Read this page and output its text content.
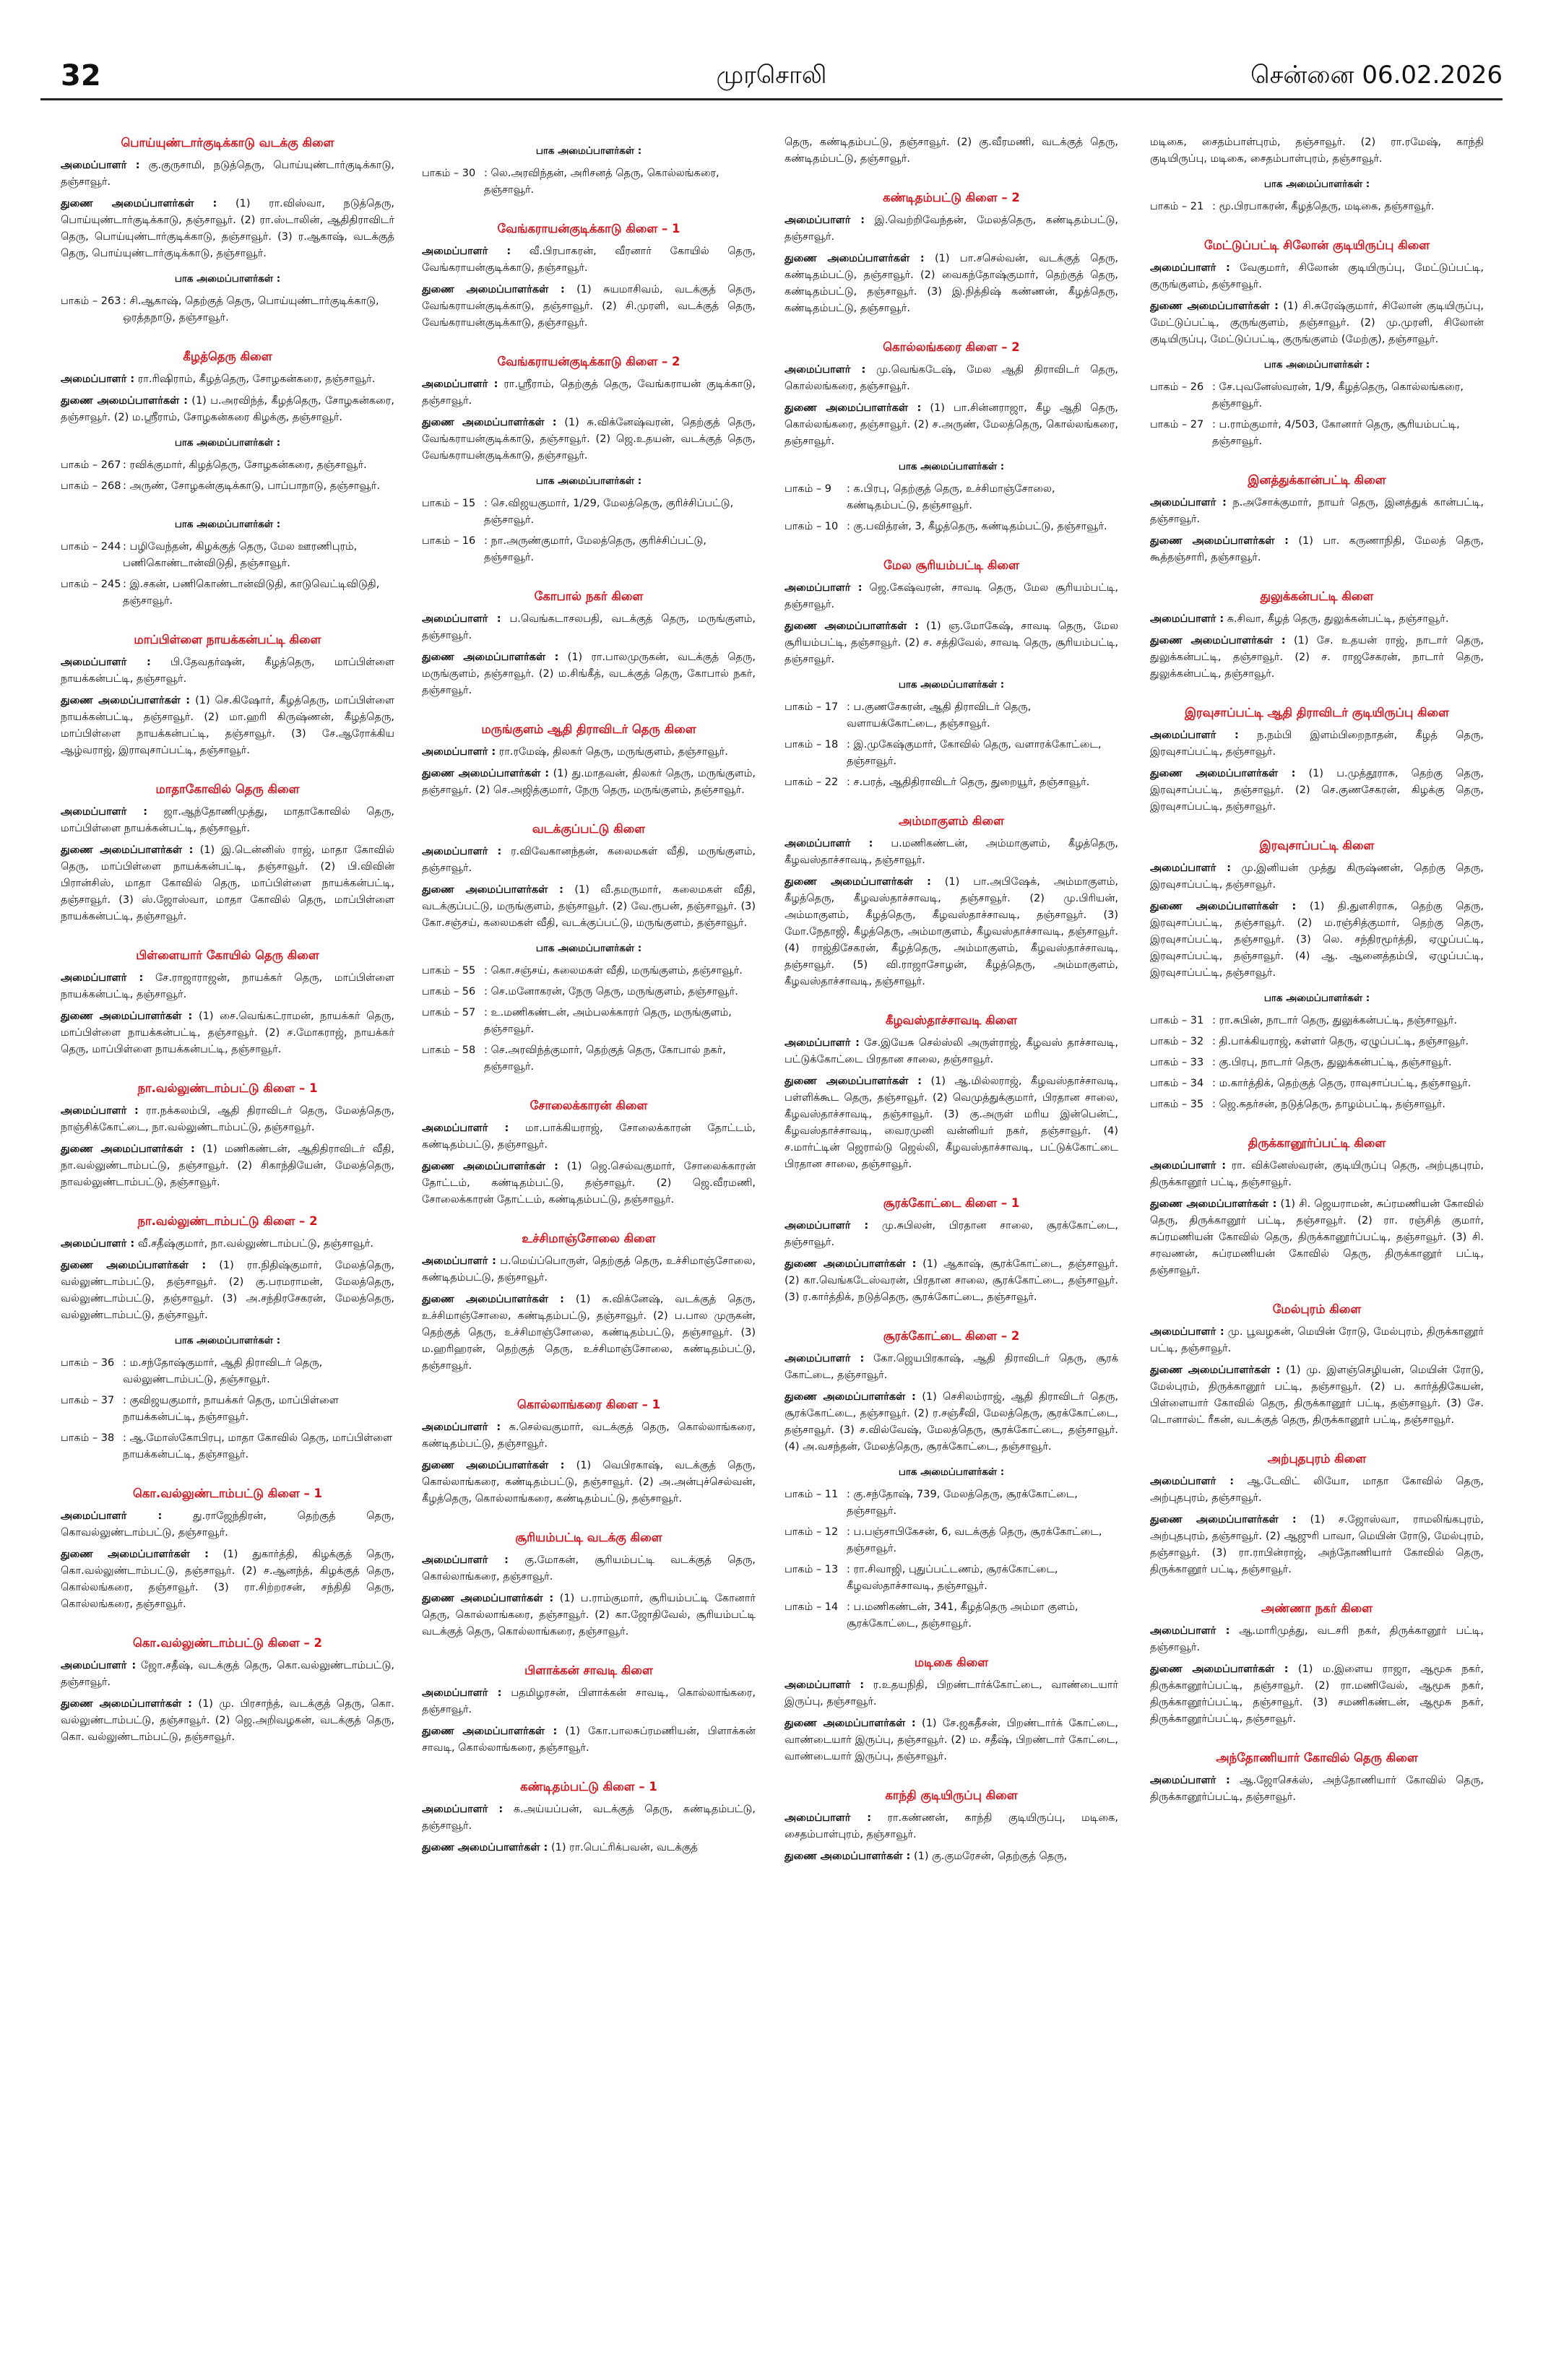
32	முரசொலி	சென்னை 06.02.2026
பொய்யுண்டார்குடிக்காடு வடக்கு கிளை
அமைப்பாளர் : கு.குருசாமி, நடுத்தெரு, பொய்யுண்டார்குடிக்காடு, தஞ்சாவூர்.
துணை அமைப்பாளர்கள் : (1) ரா.விஸ்வா, நடுத்தெரு, பொய்யுண்டார்குடிக்காடு, தஞ்சாவூர். (2) ரா.ஸ்டாலின், ஆதிதிராவிடர் தெரு, பொய்யுண்டார்குடிக்காடு, தஞ்சாவூர். (3) ர.ஆகாஷ், வடக்குத் தெரு, பொய்யுண்டார்குடிக்காடு, தஞ்சாவூர்.
பாக அமைப்பாளர்கள் :
பாகம் – 263 : சி.ஆகாஷ், தெற்குத் தெரு, பொய்யுண்டார்குடிக்காடு, ஒரத்தநாடு, தஞ்சாவூர்.
கீழத்தெரு கிளை
அமைப்பாளர் : ரா.ரிஷிராம், கீழத்தெரு, சோழகன்கரை, தஞ்சாவூர்.
துணை அமைப்பாளர்கள் : (1) ப.அரவிந்த், கீழத்தெரு, சோழகன்கரை, தஞ்சாவூர். (2) ம.ஸ்ரீராம், சோழகன்கரை கிழக்கு, தஞ்சாவூர்.
பாக அமைப்பாளர்கள் :
பாகம் – 267 : ரவிக்குமார், கிழத்தெரு, சோழகன்கரை, தஞ்சாவூர்.
பாகம் – 268 : அருண், சோழகன்குடிக்காடு, பாப்பாநாடு, தஞ்சாவூர்.
பாக அமைப்பாளர்கள் :
பாகம் – 244 : பழிவேந்தன், கிழக்குத் தெரு, மேல ஊரணிபுரம், பணிகொண்டான்விடுதி, தஞ்சாவூர்.
பாகம் – 245 : இ.சகன், பணிகொண்டான்விடுதி, காடுவெட்டிவிடுதி, தஞ்சாவூர்.
மாப்பிள்ளை நாயக்கன்பட்டி கிளை
அமைப்பாளர் : பி.தேவதர்ஷன், கீழத்தெரு, மாப்பிள்ளை நாயக்கன்பட்டி, தஞ்சாவூர்.
துணை அமைப்பாளர்கள் : (1) செ.கிஷோர், கீழத்தெரு, மாப்பிள்ளை நாயக்கன்பட்டி, தஞ்சாவூர். (2) மா.ஹரி கிருஷ்ணன், கீழத்தெரு, மாப்பிள்ளை நாயக்கன்பட்டி, தஞ்சாவூர். (3) சே.ஆரோக்கிய ஆழ்வராஜ், இராவுசாப்பட்டி, தஞ்சாவூர்.
மாதாகோவில் தெரு கிளை
அமைப்பாளர் : ஜா.ஆந்தோணிமுத்து, மாதாகோவில் தெரு, மாப்பிள்ளை நாயக்கன்பட்டி, தஞ்சாவூர்.
துணை அமைப்பாளர்கள் : (1) இ.டென்னிஸ் ராஜ், மாதா கோவில் தெரு, மாப்பிள்ளை நாயக்கன்பட்டி, தஞ்சாவூர். (2) பி.விவின் பிரான்சிஸ், மாதா கோவில் தெரு, மாப்பிள்ளை நாயக்கன்பட்டி, தஞ்சாவூர். (3) ஸ்.ஜோஸ்வா, மாதா கோவில் தெரு, மாப்பிள்ளை நாயக்கன்பட்டி, தஞ்சாவூர்.
பிள்ளையார் கோயில் தெரு கிளை
அமைப்பாளர் : சே.ராஜாராஜன், நாயக்கர் தெரு, மாப்பிள்ளை நாயக்கன்பட்டி, தஞ்சாவூர்.
துணை அமைப்பாளர்கள் : (1) சை.வெங்கட்ராமன், நாயக்கர் தெரு, மாப்பிள்ளை நாயக்கன்பட்டி, தஞ்சாவூர். (2) ச.மோகராஜ், நாயக்கர் தெரு, மாப்பிள்ளை நாயக்கன்பட்டி, தஞ்சாவூர்.
நா.வல்லுண்டாம்பட்டு கிளை – 1
அமைப்பாளர் : ரா.நக்கலம்பி, ஆதி திராவிடர் தெரு, மேலத்தெரு, நாஞ்சிக்கோட்டை, நா.வல்லுண்டாம்பட்டு, தஞ்சாவூர்.
துணை அமைப்பாளர்கள் : (1) மணிகண்டன், ஆதிதிராவிடர் வீதி, நா.வல்லுண்டாம்பட்டு, தஞ்சாவூர். (2) சிகாந்தியேன், மேலத்தெரு, நாவல்லுண்டாம்பட்டு, தஞ்சாவூர்.
நா.வல்லுண்டாம்பட்டு கிளை – 2
அமைப்பாளர் : வீ.சதீஷ்குமார், நா.வல்லுண்டாம்பட்டு, தஞ்சாவூர்.
துணை அமைப்பாளர்கள் : (1) ரா.நிதிஷ்குமார், மேலத்தெரு, வல்லுண்டாம்பட்டு, தஞ்சாவூர். (2) கு.பரமராமன், மேலத்தெரு, வல்லுண்டாம்பட்டு, தஞ்சாவூர். (3) அ.சந்திரசேகரன், மேலத்தெரு, வல்லுண்டாம்பட்டு, தஞ்சாவூர்.
பாக அமைப்பாளர்கள் :
பாகம் – 36 : ம.சந்தோஷ்குமார், ஆதி திராவிடர் தெரு, வல்லுண்டாம்பட்டு, தஞ்சாவூர்.
பாகம் – 37 : குவிஜயகுமார், நாயக்கர் தெரு, மாப்பிள்ளை நாயக்கன்பட்டி, தஞ்சாவூர்.
பாகம் – 38 : ஆ.மோஸ்கோபிரபு, மாதா கோவில் தெரு, மாப்பிள்ளை நாயக்கன்பட்டி, தஞ்சாவூர்.
கொ.வல்லுண்டாம்பட்டு கிளை – 1
அமைப்பாளர் :	து.ராஜேந்திரன், தெற்குத் தெரு, கொவல்லுண்டாம்பட்டு, தஞ்சாவூர்.
துணை அமைப்பாளர்கள் : (1) துகார்த்தி, கிழக்குத் தெரு, கொ.வல்லுண்டாம்பட்டு, தஞ்சாவூர். (2) ச.ஆனந்த், கிழக்குத் தெரு, கொல்லங்கரை, தஞ்சாவூர். (3) ரா.சிற்றரசன், சந்திதி தெரு, கொல்லங்கரை, தஞ்சாவூர்.
கொ.வல்லுண்டாம்பட்டு கிளை – 2
அமைப்பாளர் : ஜோ.சதீஷ், வடக்குத் தெரு, கொ.வல்லுண்டாம்பட்டு, தஞ்சாவூர்.
துணை அமைப்பாளர்கள் : (1) மு. பிரசாந்த், வடக்குத் தெரு, கொ. வல்லுண்டாம்பட்டு, தஞ்சாவூர். (2) ஜெ.அறிவழகன், வடக்குத் தெரு, கொ. வல்லுண்டாம்பட்டு, தஞ்சாவூர்.
பாக அமைப்பாளர்கள் :
பாகம் – 30 : லெ.அரவிந்தன், அரிசனத் தெரு, கொல்லங்கரை, தஞ்சாவூர்.
வேங்கராயன்குடிக்காடு கிளை – 1
அமைப்பாளர் : வீ.பிரபாகரன், வீரனார் கோயில் தெரு, வேங்கராயன்குடிக்காடு, தஞ்சாவூர்.
துணை அமைப்பாளர்கள் : (1) சுயமாசிவம், வடக்குத் தெரு, வேங்கராயன்குடிக்காடு, தஞ்சாவூர். (2) சி.முரளி, வடக்குத் தெரு, வேங்கராயன்குடிக்காடு, தஞ்சாவூர்.
வேங்கராயன்குடிக்காடு கிளை – 2
அமைப்பாளர் : ரா.ஸ்ரீராம், தெற்குத் தெரு, வேங்கராயன் குடிக்காடு, தஞ்சாவூர்.
துணை அமைப்பாளர்கள் : (1) சு.விக்னேஷ்வரன், தெற்குத் தெரு, வேங்கராயன்குடிக்காடு, தஞ்சாவூர். (2) ஜெ.உதயன், வடக்குத் தெரு, வேங்கராயன்குடிக்காடு, தஞ்சாவூர்.
பாக அமைப்பாளர்கள் :
பாகம் – 15 : செ.விஜயகுமார், 1/29, மேலத்தெரு, குரிச்சிப்பட்டு, தஞ்சாவூர்.
பாகம் – 16 : நா.அருண்குமார், மேலத்தெரு, குரிச்சிப்பட்டு, தஞ்சாவூர்.
கோபால் நகர் கிளை
அமைப்பாளர் : ப.வெங்கடாசலபதி, வடக்குத் தெரு, மருங்குளம், தஞ்சாவூர்.
துணை அமைப்பாளர்கள் : (1) ரா.பாலமுருகன், வடக்குத் தெரு, மருங்குளம், தஞ்சாவூர். (2) ம.சிங்கீத், வடக்குத் தெரு, கோபால் நகர், தஞ்சாவூர்.
மருங்குளம் ஆதி திராவிடர் தெரு கிளை
அமைப்பாளர் : ரா.ரமேஷ், திலகர் தெரு, மருங்குளம், தஞ்சாவூர்.
துணை அமைப்பாளர்கள் : (1) து.மாதவன், திலகர் தெரு, மருங்குளம், தஞ்சாவூர். (2) செ.அஜித்குமார், நேரு தெரு, மருங்குளம், தஞ்சாவூர்.
வடக்குப்பட்டு கிளை
அமைப்பாளர் : ர.விவேகானந்தன், கலைமகள் வீதி, மருங்குளம், தஞ்சாவூர்.
துணை அமைப்பாளர்கள் : (1) வீ.தமருமார், கலைமகள் வீதி, வடக்குப்பட்டு, மருங்குளம், தஞ்சாவூர். (2) வே.ரூபன், தஞ்சாவூர். (3) கோ.சஞ்சய், கலைமகள் வீதி, வடக்குப்பட்டு, மருங்குளம், தஞ்சாவூர்.
பாக அமைப்பாளர்கள் :
பாகம் – 55 : கொ.சஞ்சய், கலைமகள் வீதி, மருங்குளம், தஞ்சாவூர்.
பாகம் – 56 : செ.மனோகரன், நேரு தெரு, மருங்குளம், தஞ்சாவூர்.
பாகம் – 57 : உ.மணிகண்டன், அம்பலக்காரர் தெரு, மருங்குளம், தஞ்சாவூர்.
பாகம் – 58 : செ.அரவிந்த்குமார், தெற்குத் தெரு, கோபால் நகர், தஞ்சாவூர்.
சோலைக்காரன் கிளை
அமைப்பாளர் : மா.பாக்கியராஜ், சோலைக்காரன் தோட்டம், கண்டிதம்பட்டு, தஞ்சாவூர்.
துணை அமைப்பாளர்கள் : (1) ஜெ.செல்வகுமார், சோலைக்காரன் தோட்டம், கண்டிதம்பட்டு, தஞ்சாவூர். (2) ஜெ.வீரமணி, சோலைக்காரன் தோட்டம், கண்டிதம்பட்டு, தஞ்சாவூர்.
உச்சிமாஞ்சோலை கிளை
அமைப்பாளர் : ப.மெய்ப்பொருள், தெற்குத் தெரு, உச்சிமாஞ்சோலை, கண்டிதம்பட்டு, தஞ்சாவூர்.
துணை அமைப்பாளர்கள் : (1) சு.விக்னேஷ், வடக்குத் தெரு, உச்சிமாஞ்சோலை, கண்டிதம்பட்டு, தஞ்சாவூர். (2) ப.பால முருகன், தெற்குத் தெரு, உச்சிமாஞ்சோலை, கண்டிதம்பட்டு, தஞ்சாவூர். (3) ம.ஹரிஹரன், தெற்குத் தெரு, உச்சிமாஞ்சோலை, கண்டிதம்பட்டு, தஞ்சாவூர்.
கொல்லாங்கரை கிளை – 1
அமைப்பாளர் : க.செல்வகுமார், வடக்குத் தெரு, கொல்லாங்கரை, கண்டிதம்பட்டு, தஞ்சாவூர்.
துணை அமைப்பாளர்கள் : (1) வெபிரகாஷ், வடக்குத் தெரு, கொல்லாங்கரை, கண்டிதம்பட்டு, தஞ்சாவூர். (2) அ.அன்புச்செல்வன், கீழத்தெரு, கொல்லாங்கரை, கண்டிதம்பட்டு, தஞ்சாவூர்.
சூரியம்பட்டி வடக்கு கிளை
அமைப்பாளர் : கு.மோகன், சூரியம்பட்டி வடக்குத் தெரு, கொல்லாங்கரை, தஞ்சாவூர்.
துணை அமைப்பாளர்கள் : (1) ப.ராம்குமார், சூரியம்பட்டி கோனார் தெரு, கொல்லாங்கரை, தஞ்சாவூர். (2) கா.ஜோதிவேல், சூரியம்பட்டி வடக்குத் தெரு, கொல்லாங்கரை, தஞ்சாவூர்.
பிளாக்கன் சாவடி கிளை
அமைப்பாளர் : பதமிழரசன், பிளாக்கன் சாவடி, கொல்லாங்கரை, தஞ்சாவூர்.
துணை அமைப்பாளர்கள் : (1) கோ.பாலசுப்ரமணியன், பிளாக்கன் சாவடி, கொல்லாங்கரை, தஞ்சாவூர்.
கண்டிதம்பட்டு கிளை – 1
அமைப்பாளர் : க.அய்யப்பன், வடக்குத் தெரு, கண்டிதம்பட்டு, தஞ்சாவூர்.
துணை அமைப்பாளர்கள் : (1) ரா.பெட்ரிக்பவன், வடக்குத்
தெரு, கண்டிதம்பட்டு, தஞ்சாவூர். (2) கு.வீரமணி, வடக்குத் தெரு, கண்டிதம்பட்டு, தஞ்சாவூர்.
கண்டிதம்பட்டு கிளை – 2
அமைப்பாளர் : இ.வெற்றிவேந்தன், மேலத்தெரு, கண்டிதம்பட்டு, தஞ்சாவூர்.
துணை அமைப்பாளர்கள் : (1) பா.சசெல்வன், வடக்குத் தெரு, கண்டிதம்பட்டு, தஞ்சாவூர். (2) வைகந்தோஷ்குமார், தெற்குத் தெரு, கண்டிதம்பட்டு, தஞ்சாவூர். (3) இ.நித்திஷ் கண்ணன், கீழத்தெரு, கண்டிதம்பட்டு, தஞ்சாவூர்.
கொல்லங்கரை கிளை – 2
அமைப்பாளர் : மு.வெங்கடேஷ், மேல ஆதி திராவிடர் தெரு, கொல்லங்கரை, தஞ்சாவூர்.
துணை அமைப்பாளர்கள் : (1) பா.சின்னராஜா, கீழ ஆதி தெரு, கொல்லங்கரை, தஞ்சாவூர். (2) ச.அருண், மேலத்தெரு, கொல்லங்கரை, தஞ்சாவூர்.
பாக அமைப்பாளர்கள் :
பாகம் – 9	: க.பிரபு, தெற்குத் தெரு, உச்சிமாஞ்சோலை, கண்டிதம்பட்டு, தஞ்சாவூர்.
பாகம் – 10 : கு.பவித்ரன், 3, கீழத்தெரு, கண்டிதம்பட்டு, தஞ்சாவூர்.
மேல சூரியம்பட்டி கிளை
அமைப்பாளர் : ஜெ.கேஷ்வரன், சாவடி தெரு, மேல சூரியம்பட்டி, தஞ்சாவூர்.
துணை அமைப்பாளர்கள் : (1) ஞ.மோகேஷ், சாவடி தெரு, மேல சூரியம்பட்டி, தஞ்சாவூர். (2) ச. சத்திவேல், சாவடி தெரு, சூரியம்பட்டி, தஞ்சாவூர்.
பாக அமைப்பாளர்கள் :
பாகம் – 17 : ப.குணசேகரன், ஆதி திராவிடர் தெரு, வளாயக்கோட்டை, தஞ்சாவூர்.
பாகம் – 18 : இ.முகேஷ்குமார், கோவில் தெரு, வளாரக்கோட்டை, தஞ்சாவூர்.
பாகம் – 22 : ச.பரத், ஆதிதிராவிடர் தெரு, துறையூர், தஞ்சாவூர்.
அம்மாகுளம் கிளை
அமைப்பாளர் : ப.மணிகண்டன், அம்மாகுளம், கீழத்தெரு, கீழவஸ்தாச்சாவடி, தஞ்சாவூர்.
துணை அமைப்பாளர்கள் : (1) பா.அபிஷேக், அம்மாகுளம், கீழத்தெரு, கீழவஸ்தாச்சாவடி, தஞ்சாவூர். (2) மு.பிரியன், அம்மாகுளம், கீழத்தெரு, கீழவஸ்தாச்சாவடி, தஞ்சாவூர். (3) மோ.நேதாஜி, கீழத்தெரு, அம்மாகுளம், கீழவஸ்தாச்சாவடி, தஞ்சாவூர். (4) ராஜ்திசேகரன், கீழத்தெரு, அம்மாகுளம், கீழவஸ்தாச்சாவடி, தஞ்சாவூர். (5) வி.ராஜாசோழன், கீழத்தெரு, அம்மாகுளம், கீழவஸ்தாச்சாவடி, தஞ்சாவூர்.
கீழவஸ்தாச்சாவடி கிளை
அமைப்பாளர் : சே.இயேசு செல்ஸ்லி அருள்ராஜ், கீழவஸ் தாச்சாவடி, பட்டுக்கோட்டை பிரதான சாலை, தஞ்சாவூர்.
துணை அமைப்பாளர்கள் : (1) ஆ.மில்லராஜ், கீழவஸ்தாச்சாவடி, பள்ளிக்கூட தெரு, தஞ்சாவூர். (2) வெமுத்துக்குமார், பிரதான சாலை, கீழவஸ்தாச்சாவடி, தஞ்சாவூர். (3) கு.அருள் மரிய இன்பென்ட், கீழவஸ்தாச்சாவடி, வைரமுனி வன்னியர் நகர், தஞ்சாவூர். (4) ச.மார்ட்டின் ஜெரால்டு ஜெல்லி, கீழவஸ்தாச்சாவடி, பட்டுக்கோட்டை பிரதான சாலை, தஞ்சாவூர்.
சூரக்கோட்டை கிளை – 1
அமைப்பாளர் : மு.சுபிலன், பிரதான சாலை, சூரக்கோட்டை, தஞ்சாவூர்.
துணை அமைப்பாளர்கள் : (1) ஆகாஷ், சூரக்கோட்டை, தஞ்சாவூர். (2) கா.வெங்கடேஸ்வரன், பிரதான சாலை, சூரக்கோட்டை, தஞ்சாவூர். (3) ர.கார்த்திக், நடுத்தெரு, சூரக்கோட்டை, தஞ்சாவூர்.
சூரக்கோட்டை கிளை – 2
அமைப்பாளர் : கோ.ஜெயபிரகாஷ், ஆதி திராவிடர் தெரு, சூரக் கோட்டை, தஞ்சாவூர்.
துணை அமைப்பாளர்கள் : (1) செசிலம்ராஜ், ஆதி திராவிடர் தெரு, சூரக்கோட்டை, தஞ்சாவூர். (2) ர.சஞ்சீவி, மேலத்தெரு, சூரக்கோட்டை, தஞ்சாவூர். (3) ச.வில்வேஷ், மேலத்தெரு, சூரக்கோட்டை, தஞ்சாவூர். (4) அ.வசந்தன், மேலத்தெரு, சூரக்கோட்டை, தஞ்சாவூர்.
பாக அமைப்பாளர்கள் :
பாகம் – 11 : கு.சந்தோஷ், 739, மேலத்தெரு, சூரக்கோட்டை, தஞ்சாவூர்.
பாகம் – 12 : ப.பஞ்சாபிகேசன், 6, வடக்குத் தெரு, சூரக்கோட்டை, தஞ்சாவூர்.
பாகம் – 13 : ரா.சிவாஜி, புதுப்பட்டணம், சூரக்கோட்டை, கீழவஸ்தாச்சாவடி, தஞ்சாவூர்.
பாகம் – 14 : ப.மணிகண்டன், 341, கீழத்தெரு அம்மா குளம், சூரக்கோட்டை, தஞ்சாவூர்.
மடிகை கிளை
அமைப்பாளர் : ர.உதயநிதி, பிறண்டார்க்கோட்டை, வாண்டையார் இருப்பு, தஞ்சாவூர்.
துணை அமைப்பாளர்கள் : (1) சே.ஜகதீசன், பிறண்டார்க் கோட்டை, வாண்டையார் இருப்பு, தஞ்சாவூர். (2) ம. சதீஷ், பிறண்டார் கோட்டை, வாண்டையார் இருப்பு, தஞ்சாவூர்.
காந்தி குடியிருப்பு கிளை
அமைப்பாளர் : ரா.கண்ணன், காந்தி குடியிருப்பு, மடிகை, சைதம்பாள்புரம், தஞ்சாவூர்.
துணை அமைப்பாளர்கள் : (1) கு.குமரேசன், தெற்குத் தெரு,
மடிகை, சைதம்பாள்புரம், தஞ்சாவூர். (2) ரா.ரமேஷ், காந்தி குடியிருப்பு, மடிகை, சைதம்பாள்புரம், தஞ்சாவூர்.
பாக அமைப்பாளர்கள் :
பாகம் – 21 : மூ.பிரபாகரன், கீழத்தெரு, மடிகை, தஞ்சாவூர்.
மேட்டுப்பட்டி சிலோன் குடியிருப்பு கிளை
அமைப்பாளர் : வேகுமார், சிலோன் குடியிருப்பு, மேட்டுப்பட்டி, குருங்குளம், தஞ்சாவூர்.
துணை அமைப்பாளர்கள் : (1) சி.சுரேஷ்குமார், சிலோன் குடியிருப்பு, மேட்டுப்பட்டி, குருங்குளம், தஞ்சாவூர். (2) மு.முரளி, சிலோன் குடியிருப்பு, மேட்டுப்பட்டி, குருங்குளம் (மேற்கு), தஞ்சாவூர்.
பாக அமைப்பாளர்கள் :
பாகம் – 26 : சே.புவனேஸ்வரன், 1/9, கீழத்தெரு, கொல்லங்கரை, தஞ்சாவூர்.
பாகம் – 27 : ப.ராம்குமார், 4/503, கோனார் தெரு, சூரியம்பட்டி, தஞ்சாவூர்.
இனத்துக்கான்பட்டி கிளை
அமைப்பாளர் : ந.அசோக்குமார், நாயர் தெரு, இனத்துக் கான்பட்டி, தஞ்சாவூர்.
துணை அமைப்பாளர்கள் : (1) பா. கருணாநிதி, மேலத் தெரு, கூத்தஞ்சாரி, தஞ்சாவூர்.
துலுக்கன்பட்டி கிளை
அமைப்பாளர் : க.சிவா, கீழத் தெரு, துலுக்கன்பட்டி, தஞ்சாவூர்.
துணை அமைப்பாளர்கள் : (1) சே. உதயன் ராஜ், நாடார் தெரு, துலுக்கன்பட்டி, தஞ்சாவூர். (2) ச. ராஜசேகரன், நாடார் தெரு, துலுக்கன்பட்டி, தஞ்சாவூர்.
இரவுசாப்பட்டி ஆதி திராவிடர் குடியிருப்பு கிளை
அமைப்பாளர் : ந.நம்பி இளம்பிறைநாதன், கீழத் தெரு, இரவுசாப்பட்டி, தஞ்சாவூர்.
துணை அமைப்பாளர்கள் : (1) ப.முத்தூராசு, தெற்கு தெரு, இரவுசாப்பட்டி, தஞ்சாவூர். (2) செ.குணசேகரன், கிழக்கு தெரு, இரவுசாப்பட்டி, தஞ்சாவூர்.
இரவுசாப்பட்டி கிளை
அமைப்பாளர் : மு.இனியன் முத்து கிருஷ்ணன், தெற்கு தெரு, இரவுசாப்பட்டி, தஞ்சாவூர்.
துணை அமைப்பாளர்கள் : (1) தி.துளசிராசு, தெற்கு தெரு, இரவுசாப்பட்டி, தஞ்சாவூர். (2) ம.ரஞ்சித்குமார், தெற்கு தெரு, இரவுசாப்பட்டி, தஞ்சாவூர். (3) லெ. சந்திரமூர்த்தி, ஏழுப்பட்டி, இரவுசாப்பட்டி, தஞ்சாவூர். (4) ஆ. ஆனைத்தம்பி, ஏழுப்பட்டி, இரவுசாப்பட்டி, தஞ்சாவூர்.
பாக அமைப்பாளர்கள் :
பாகம் – 31 : ரா.சுபின், நாடார் தெரு, துலுக்கன்பட்டி, தஞ்சாவூர்.
பாகம் – 32 : தி.பாக்கியராஜ், கள்ளர் தெரு, ஏழுப்பட்டி, தஞ்சாவூர்.
பாகம் – 33 : கு.பிரபு, நாடார் தெரு, துலுக்கன்பட்டி, தஞ்சாவூர்.
பாகம் – 34 : ம.கார்த்திக், தெற்குத் தெரு, ராவுசாப்பட்டி, தஞ்சாவூர்.
பாகம் – 35 : ஜெ.சுதர்சன், நடுத்தெரு, தாழம்பட்டி, தஞ்சாவூர்.
திருக்கானூர்ப்பட்டி கிளை
அமைப்பாளர் : ரா. விக்னேஸ்வரன், குடியிருப்பு தெரு, அற்புதபுரம், திருக்கானூர் பட்டி, தஞ்சாவூர்.
துணை அமைப்பாளர்கள் : (1) சி. ஜெயராமன், சுப்ரமணியன் கோவில் தெரு, திருக்கானூர் பட்டி, தஞ்சாவூர். (2) ரா. ரஞ்சித் குமார், சுப்ரமணியன் கோவில் தெரு, திருக்கானூர்ப்பட்டி, தஞ்சாவூர். (3) சி. சரவணன், சுப்ரமணியன் கோவில் தெரு, திருக்கானூர் பட்டி, தஞ்சாவூர்.
மேல்புரம் கிளை
அமைப்பாளர் : மு. பூவழகன், மெயின் ரோடு, மேல்புரம், திருக்கானூர் பட்டி, தஞ்சாவூர்.
துணை அமைப்பாளர்கள் : (1) மு. இளஞ்செழியன், மெயின் ரோடு, மேல்புரம், திருக்கானூர் பட்டி, தஞ்சாவூர். (2) ப. கார்த்திகேயன், பிள்ளையார் கோவில் தெரு, திருக்கானூர் பட்டி, தஞ்சாவூர். (3) சே. டொனால்ட் ரீகன், வடக்குத் தெரு, திருக்கானூர் பட்டி, தஞ்சாவூர்.
அற்புதபுரம் கிளை
அமைப்பாளர் : ஆ.டேவிட் லியோ, மாதா கோவில் தெரு, அற்புதபுரம், தஞ்சாவூர்.
துணை அமைப்பாளர்கள் : (1) ச.ஜோஸ்வா, ராமலிங்கபுரம், அற்புதபுரம், தஞ்சாவூர். (2) ஆஜுரி பாவா, மெயின் ரோடு, மேல்புரம், தஞ்சாவூர். (3) ரா.ராபின்ராஜ், அந்தோணியார் கோவில் தெரு, திருக்கானூர் பட்டி, தஞ்சாவூர்.
அண்ணா நகர் கிளை
அமைப்பாளர் : ஆ.மாரிமுத்து, வடசரி நகர், திருக்கானூர் பட்டி, தஞ்சாவூர்.
துணை அமைப்பாளர்கள் : (1) ம.இளைய ராஜா, ஆமூசு நகர், திருக்கானூர்ப்பட்டி, தஞ்சாவூர். (2) ரா.மணிவேல், ஆமூசு நகர், திருக்கானூர்ப்பட்டி, தஞ்சாவூர். (3) சமணிகண்டன், ஆமூசு நகர், திருக்கானூர்ப்பட்டி, தஞ்சாவூர்.
அந்தோணியார் கோவில் தெரு கிளை
அமைப்பாளர் : ஆ.ஜோசெக்ஸ், அந்தோணியார் கோவில் தெரு, திருக்கானூர்ப்பட்டி, தஞ்சாவூர்.
